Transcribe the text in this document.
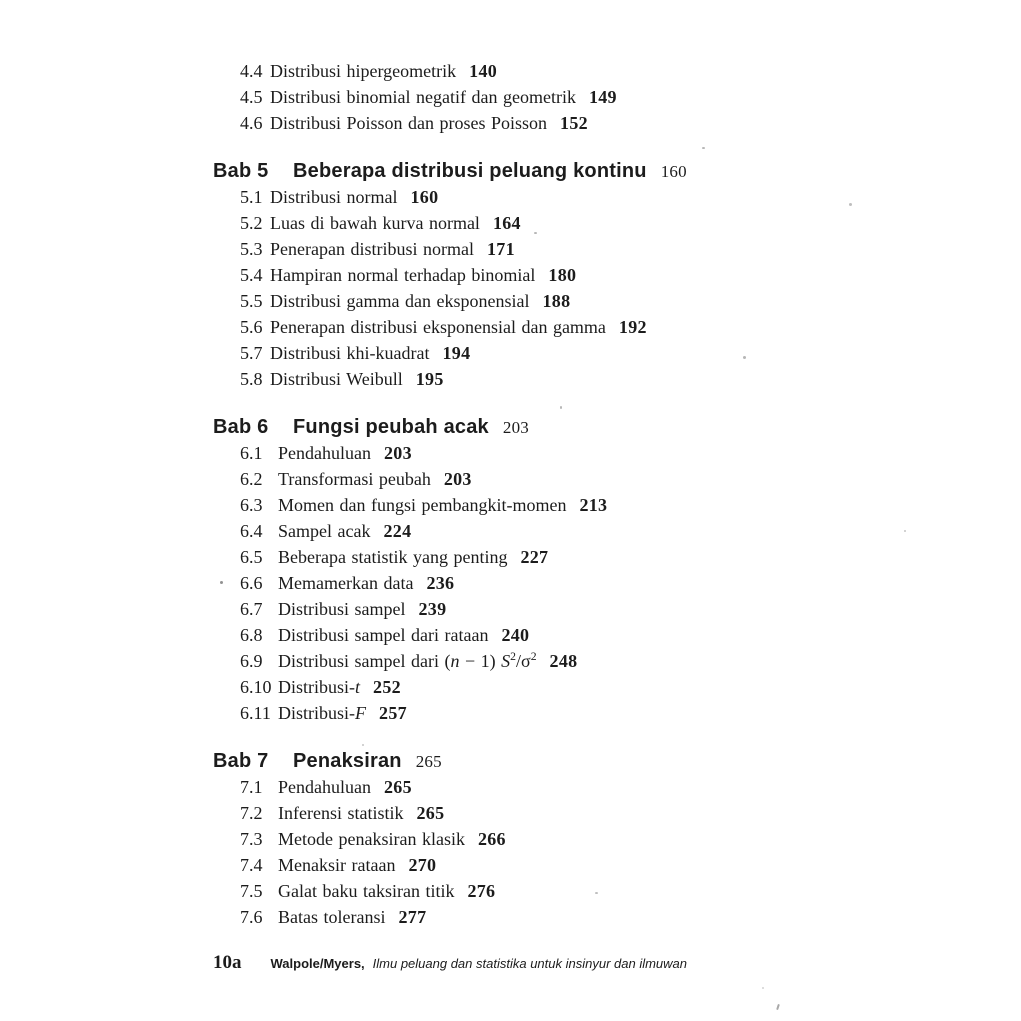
4.4 Distribusi hipergeometrik 140
4.5 Distribusi binomial negatif dan geometrik 149
4.6 Distribusi Poisson dan proses Poisson 152
Bab 5	Beberapa distribusi peluang kontinu 160
5.1 Distribusi normal 160
5.2 Luas di bawah kurva normal 164
5.3 Penerapan distribusi normal 171
5.4 Hampiran normal terhadap binomial 180
5.5 Distribusi gamma dan eksponensial 188
5.6 Penerapan distribusi eksponensial dan gamma 192
5.7 Distribusi khi-kuadrat 194
5.8 Distribusi Weibull 195
Bab 6	Fungsi peubah acak 203
6.1 Pendahuluan 203
6.2 Transformasi peubah 203
6.3 Momen dan fungsi pembangkit-momen 213
6.4 Sampel acak 224
6.5 Beberapa statistik yang penting 227
6.6 Memamerkan data 236
6.7 Distribusi sampel 239
6.8 Distribusi sampel dari rataan 240
6.9 Distribusi sampel dari (n − 1) $S^2/\sigma^2$ 248
6.10 Distribusi-t 252
6.11 Distribusi-F 257
Bab 7	Penaksiran 265
7.1 Pendahuluan 265
7.2 Inferensi statistik 265
7.3 Metode penaksiran klasik 266
7.4 Menaksir rataan 270
7.5 Galat baku taksiran titik 276
7.6 Batas toleransi 277
10a Walpole/Myers, Ilmu peluang dan statistika untuk insinyur dan ilmuwan
